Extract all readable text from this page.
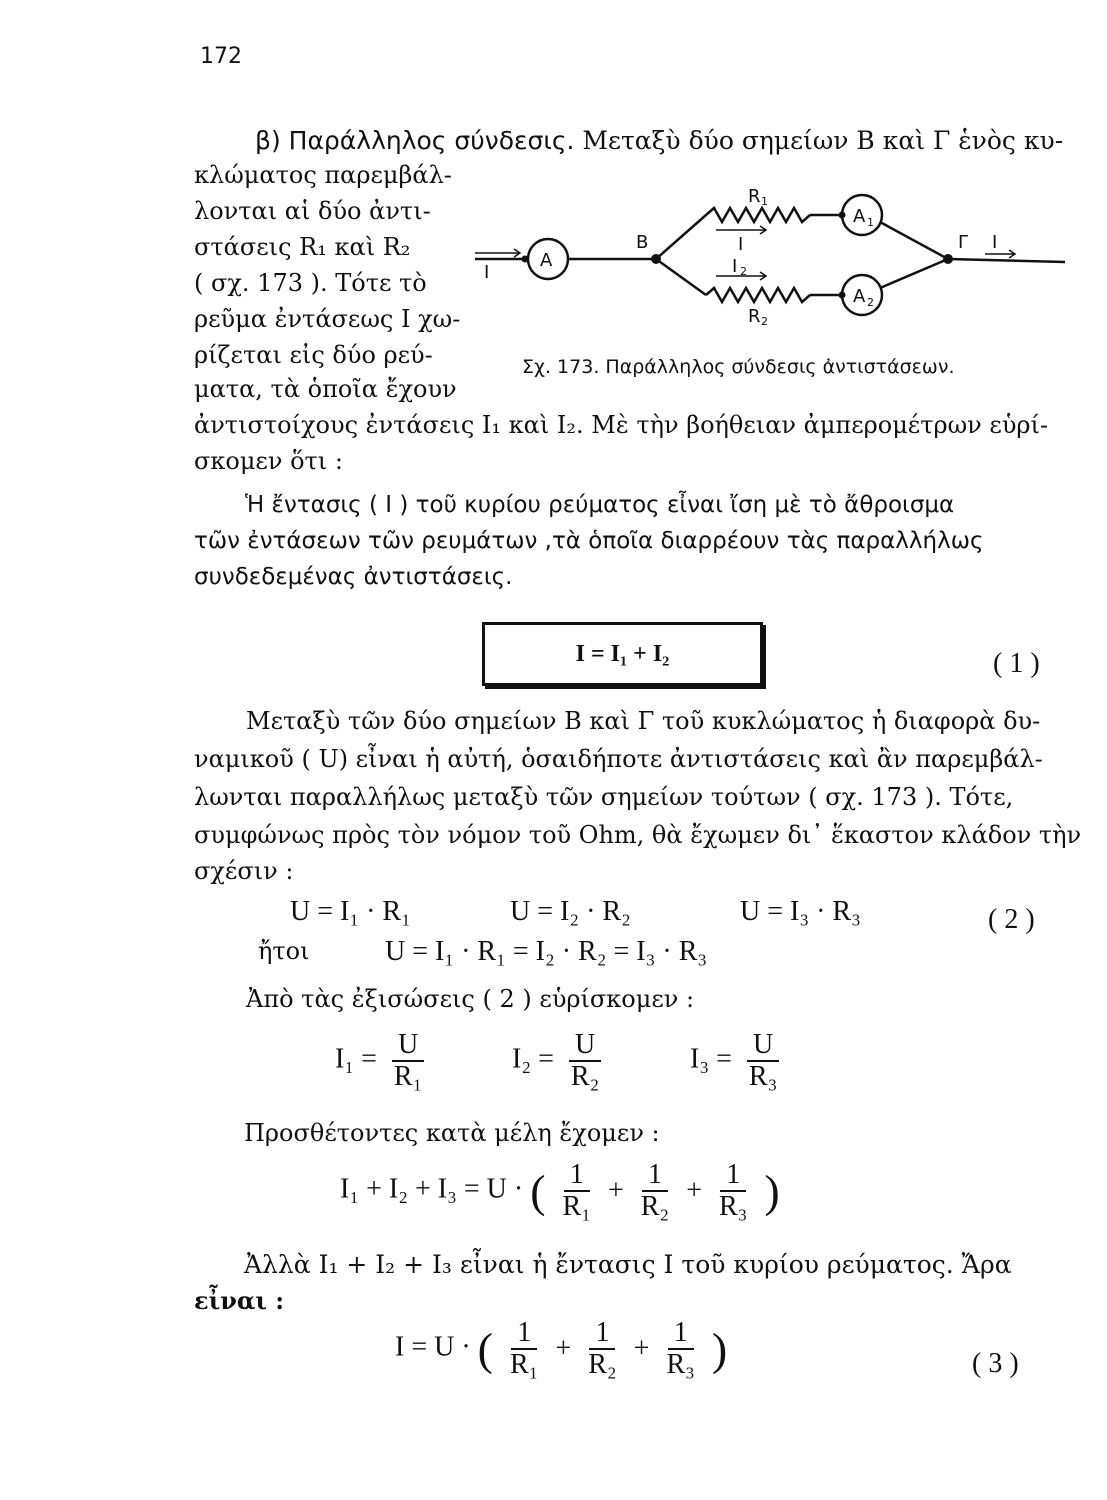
172
β) Παράλληλος σύνδεσις. Μεταξὺ δύο σημείων Β καὶ Γ ἑνὸς κυ-
κλώματος παρεμβάλ-
λονται αἱ δύο ἀντι-
στάσεις R₁ καὶ R₂
( σχ. 173 ). Τότε τὸ
ρεῦμα ἐντάσεως Ι χω-
ρίζεται εἰς δύο ρεύ-
ματα, τὰ ὁποῖα ἔχουν
ἀντιστοίχους ἐντάσεις Ι₁ καὶ Ι₂. Μὲ τὴν βοήθειαν ἀμπερομέτρων εὑρί-
σκομεν ὅτι :
A
A 1
A 2
B	Γ
R 1
R 2
I
I
I
I 2
Σχ. 173. Παράλληλος σύνδεσις ἀντιστάσεων.
Ἡ ἔντασις ( Ι ) τοῦ κυρίου ρεύματος εἶναι ἴση μὲ τὸ ἄθροισμα
τῶν ἐντάσεων τῶν ρευμάτων ,τὰ ὁποῖα διαρρέουν τὰς παραλλήλως
συνδεδεμένας ἀντιστάσεις.
I = I₁ + I₂	( 1 )
Μεταξὺ τῶν δύο σημείων Β καὶ Γ τοῦ κυκλώματος ἡ διαφορὰ δυ-
ναμικοῦ ( U) εἶναι ἡ αὐτή, ὁσαιδήποτε ἀντιστάσεις καὶ ἂν παρεμβάλ-
λωνται παραλλήλως μεταξὺ τῶν σημείων τούτων ( σχ. 173 ). Τότε,
συμφώνως πρὸς τὸν νόμον τοῦ Ohm, θὰ ἔχωμεν δι᾽ ἕκαστον κλάδον τὴν
σχέσιν :
U = I₁ · R₁	U = I₂ · R₂	U = I₃ · R₃	( 2 )
ἤτοι	U = I₁ · R₁ = I₂ · R₂ = I₃ · R₃
Ἀπὸ τὰς ἐξισώσεις ( 2 ) εὑρίσκομεν :
$I_1 = \frac{U}{\text{R₁}}$	$I_2 = \frac{U}{\text{R₂}}$	$I_3 = \frac{U}{\text{R₃}}$
Προσθέτοντες κατὰ μέλη ἔχομεν :
I₁ + I₂ + I₃ = U · ( $\frac{1}{\text{R₁}} + \frac{1}{\text{R₂}} + \frac{1}{\text{R₃}}$ )
Ἀλλὰ I₁ + I₂ + I₃ εἶναι ἡ ἔντασις Ι τοῦ κυρίου ρεύματος. Ἄρα
εἶναι :
I = U · ( $\frac{1}{\text{R₁}} + \frac{1}{\text{R₂}} + \frac{1}{\text{R₃}}$ )	( 3 )
